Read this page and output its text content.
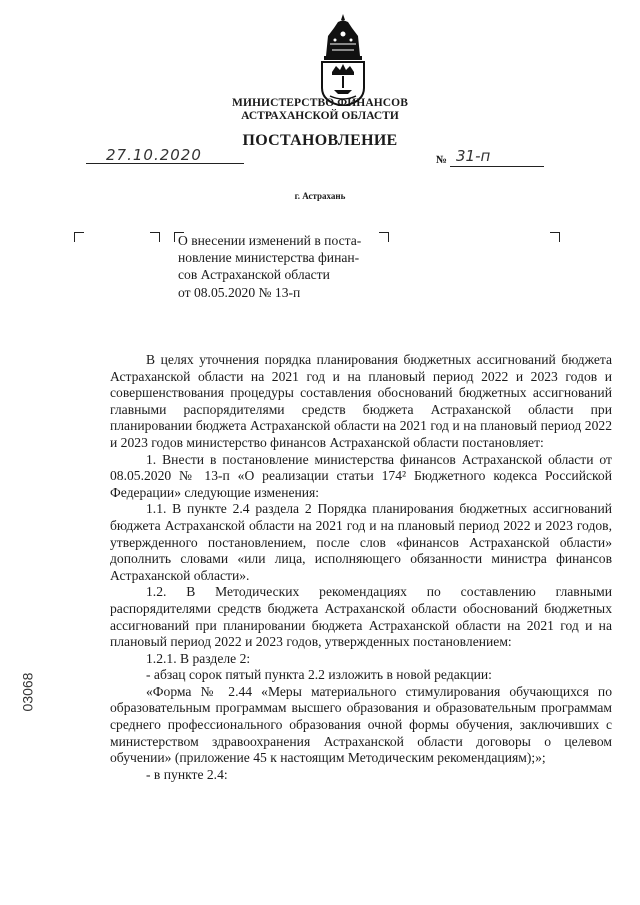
МИНИСТЕРСТВО ФИНАНСОВ
АСТРАХАНСКОЙ ОБЛАСТИ
ПОСТАНОВЛЕНИЕ
27.10.2020	№ 31-п
г. Астрахань
О внесении изменений в поста-
новление министерства финан-
сов Астраханской области
от 08.05.2020 № 13-п

В целях уточнения порядка планирования бюджетных ассигнований бюджета Астраханской области на 2021 год и на плановый период 2022 и 2023 годов и совершенствования процедуры составления обоснований бюджетных ассигнований главными распорядителями средств бюджета Астраханской области при планировании бюджета Астраханской области на 2021 год и на плановый период 2022 и 2023 годов министерство финансов Астраханской области постановляет:

1. Внести в постановление министерства финансов Астраханской области от 08.05.2020 № 13-п «О реализации статьи 174² Бюджетного кодекса Российской Федерации» следующие изменения:

1.1. В пункте 2.4 раздела 2 Порядка планирования бюджетных ассигнований бюджета Астраханской области на 2021 год и на плановый период 2022 и 2023 годов, утвержденного постановлением, после слов «финансов Астраханской области» дополнить словами «или лица, исполняющего обязанности министра финансов Астраханской области».

1.2. В Методических рекомендациях по составлению главными распорядителями средств бюджета Астраханской области обоснований бюджетных ассигнований при планировании бюджета Астраханской области на 2021 год и на плановый период 2022 и 2023 годов, утвержденных постановлением:

1.2.1. В разделе 2:

- абзац сорок пятый пункта 2.2 изложить в новой редакции:

«Форма № 2.44 «Меры материального стимулирования обучающихся по образовательным программам высшего образования и образовательным программам среднего профессионального образования очной формы обучения, заключивших с министерством здравоохранения Астраханской области договоры о целевом обучении» (приложение 45 к настоящим Методическим рекомендациям);»;

- в пункте 2.4:

03068
